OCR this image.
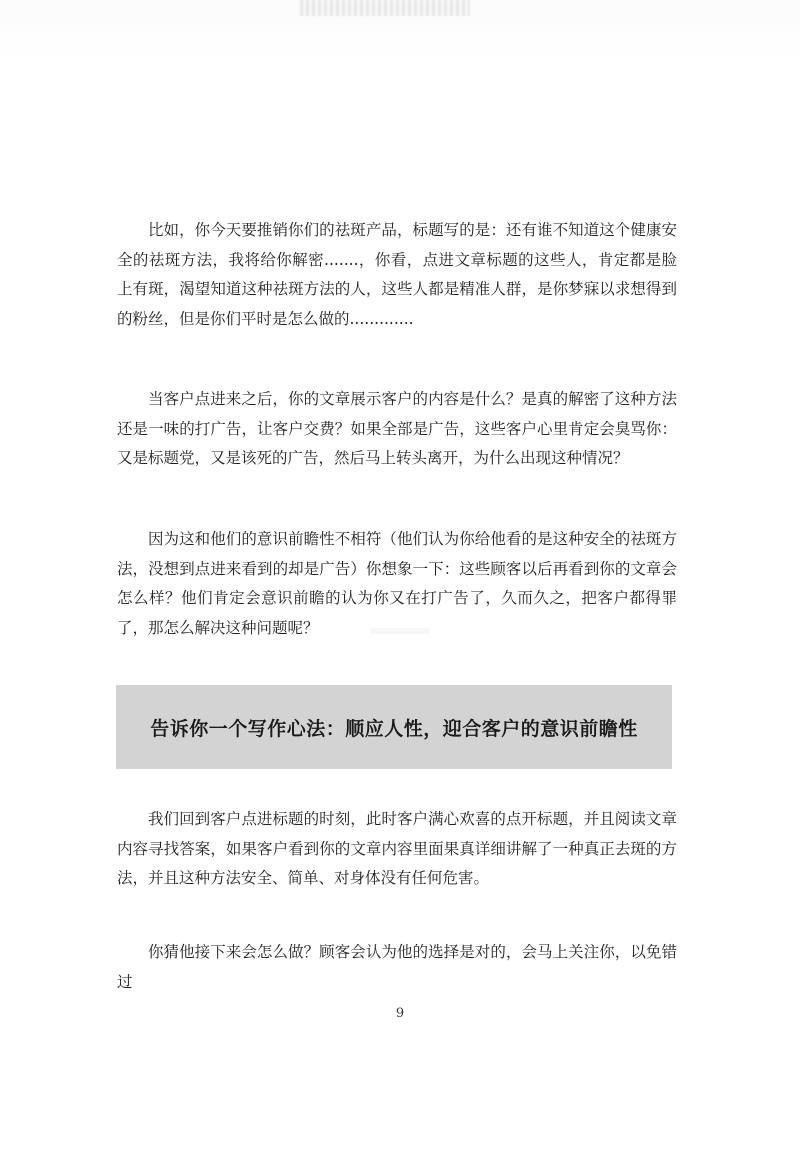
比如，你今天要推销你们的祛斑产品，标题写的是：还有谁不知道这个健康安全的祛斑方法，我将给你解密.......，你看，点进文章标题的这些人，肯定都是脸上有斑，渴望知道这种祛斑方法的人，这些人都是精准人群，是你梦寐以求想得到的粉丝，但是你们平时是怎么做的.............

当客户点进来之后，你的文章展示客户的内容是什么？是真的解密了这种方法还是一味的打广告，让客户交费？如果全部是广告，这些客户心里肯定会臭骂你：又是标题党，又是该死的广告，然后马上转头离开，为什么出现这种情况？

因为这和他们的意识前瞻性不相符（他们认为你给他看的是这种安全的祛斑方法，没想到点进来看到的却是广告）你想象一下：这些顾客以后再看到你的文章会怎么样？他们肯定会意识前瞻的认为你又在打广告了，久而久之，把客户都得罪了，那怎么解决这种问题呢？

告诉你一个写作心法：顺应人性，迎合客户的意识前瞻性

我们回到客户点进标题的时刻，此时客户满心欢喜的点开标题，并且阅读文章内容寻找答案，如果客户看到你的文章内容里面果真详细讲解了一种真正去斑的方法，并且这种方法安全、简单、对身体没有任何危害。

你猜他接下来会怎么做？顾客会认为他的选择是对的，会马上关注你，以免错过

9
